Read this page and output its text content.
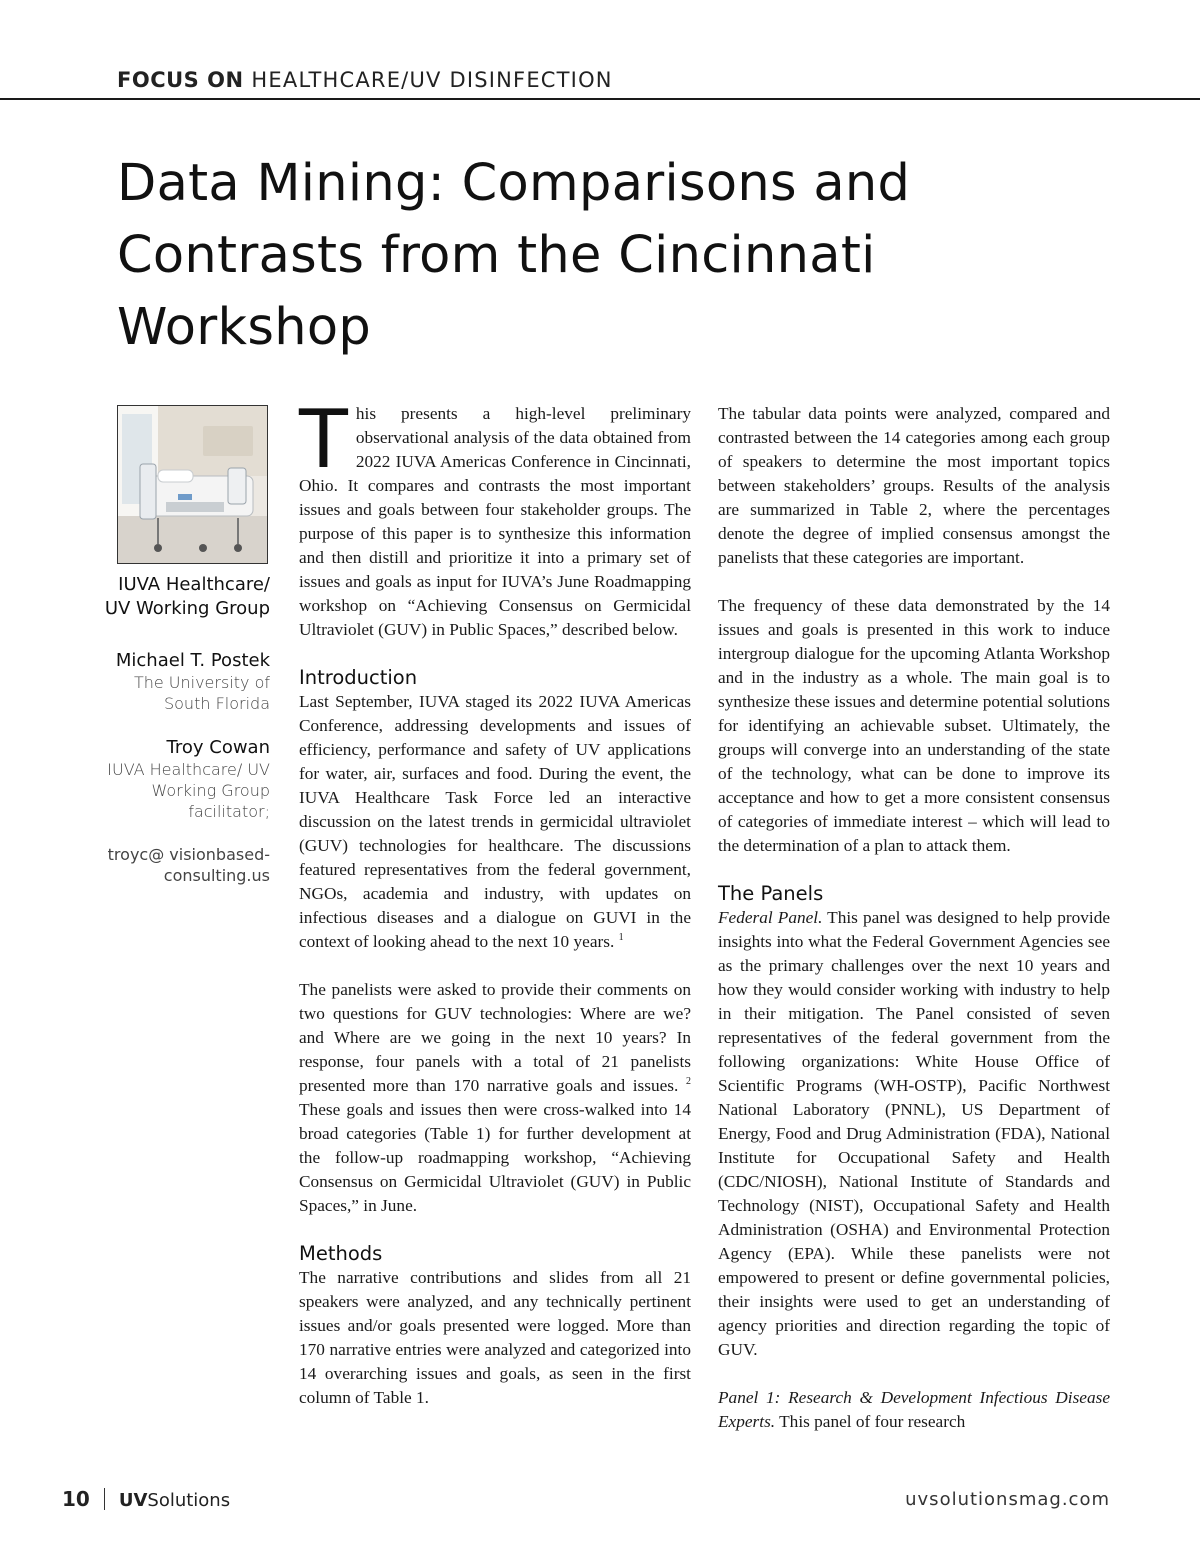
FOCUS ON HEALTHCARE/UV DISINFECTION
Data Mining: Comparisons and Contrasts from the Cincinnati Workshop

IUVA Healthcare/ UV Working Group

Michael T. Postek

The University of South Florida

Troy Cowan

IUVA Healthcare/ UV Working Group facilitator;

troyc@ visionbased-consulting.us

This presents a high-level preliminary observational analysis of the data obtained from 2022 IUVA Americas Conference in Cincinnati, Ohio. It compares and contrasts the most important issues and goals between four stakeholder groups. The purpose of this paper is to synthesize this information and then distill and prioritize it into a primary set of issues and goals as input for IUVA’s June Roadmapping workshop on “Achieving Consensus on Germicidal Ultraviolet (GUV) in Public Spaces,” described below.

Introduction

Last September, IUVA staged its 2022 IUVA Americas Conference, addressing developments and issues of efficiency, performance and safety of UV applications for water, air, surfaces and food. During the event, the IUVA Healthcare Task Force led an interactive discussion on the latest trends in germicidal ultraviolet (GUV) technologies for healthcare. The discussions featured representatives from the federal government, NGOs, academia and industry, with updates on infectious diseases and a dialogue on GUVI in the context of looking ahead to the next 10 years. $^1$

The panelists were asked to provide their comments on two questions for GUV technologies: Where are we? and Where are we going in the next 10 years? In response, four panels with a total of 21 panelists presented more than 170 narrative goals and issues. $^2$ These goals and issues then were cross-walked into 14 broad categories (Table 1) for further development at the follow-up roadmapping workshop, “Achieving Consensus on Germicidal Ultraviolet (GUV) in Public Spaces,” in June.

Methods

The narrative contributions and slides from all 21 speakers were analyzed, and any technically pertinent issues and/or goals presented were logged. More than 170 narrative entries were analyzed and categorized into 14 overarching issues and goals, as seen in the first column of Table 1.

The tabular data points were analyzed, compared and contrasted between the 14 categories among each group of speakers to determine the most important topics between stakeholders’ groups. Results of the analysis are summarized in Table 2, where the percentages denote the degree of implied consensus amongst the panelists that these categories are important.

The frequency of these data demonstrated by the 14 issues and goals is presented in this work to induce intergroup dialogue for the upcoming Atlanta Workshop and in the industry as a whole. The main goal is to synthesize these issues and determine potential solutions for identifying an achievable subset. Ultimately, the groups will converge into an understanding of the state of the technology, what can be done to improve its acceptance and how to get a more consistent consensus of categories of immediate interest – which will lead to the determination of a plan to attack them.

The Panels

Federal Panel. This panel was designed to help provide insights into what the Federal Government Agencies see as the primary challenges over the next 10 years and how they would consider working with industry to help in their mitigation. The Panel consisted of seven representatives of the federal government from the following organizations: White House Office of Scientific Programs (WH-OSTP), Pacific Northwest National Laboratory (PNNL), US Department of Energy, Food and Drug Administration (FDA), National Institute for Occupational Safety and Health (CDC/NIOSH), National Institute of Standards and Technology (NIST), Occupational Safety and Health Administration (OSHA) and Environmental Protection Agency (EPA). While these panelists were not empowered to present or define governmental policies, their insights were used to get an understanding of agency priorities and direction regarding the topic of GUV.

Panel 1: Research & Development Infectious Disease Experts. This panel of four research

10 UVSolutions	uvsolutionsmag.com
